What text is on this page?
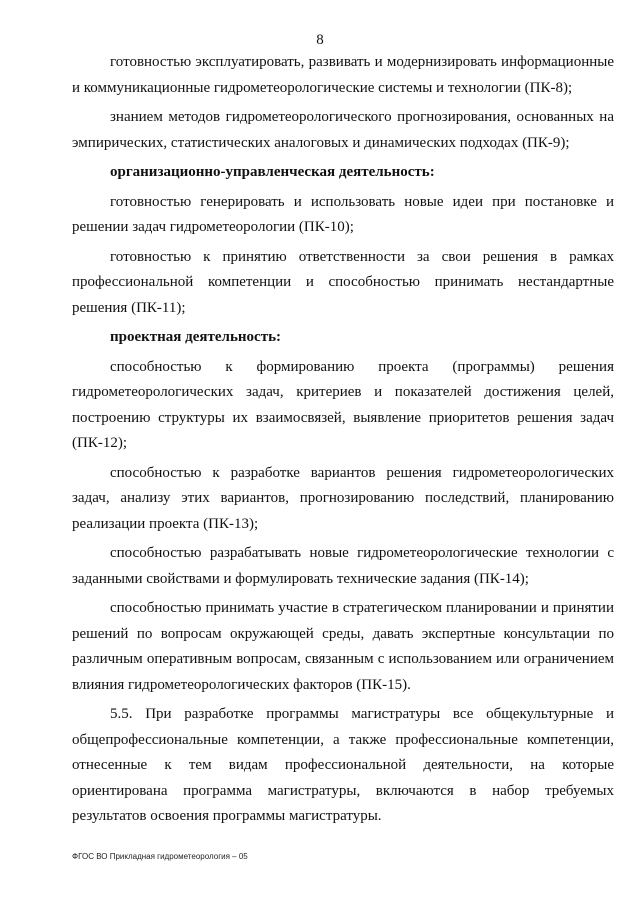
8

готовностью эксплуатировать, развивать и модернизировать информационные и коммуникационные гидрометеорологические системы и технологии (ПК-8);

знанием методов гидрометеорологического прогнозирования, основанных на эмпирических, статистических аналоговых и динамических подходах (ПК-9);

организационно-управленческая деятельность:

готовностью генерировать и использовать новые идеи при постановке и решении задач гидрометеорологии (ПК-10);

готовностью к принятию ответственности за свои решения в рамках профессиональной компетенции и способностью принимать нестандартные решения (ПК-11);

проектная деятельность:

способностью к формированию проекта (программы) решения гидрометеорологических задач, критериев и показателей достижения целей, построению структуры их взаимосвязей, выявление приоритетов решения задач (ПК-12);

способностью к разработке вариантов решения гидрометеорологических задач, анализу этих вариантов, прогнозированию последствий, планированию реализации проекта (ПК-13);

способностью разрабатывать новые гидрометеорологические технологии с заданными свойствами и формулировать технические задания (ПК-14);

способностью принимать участие в стратегическом планировании и принятии решений по вопросам окружающей среды, давать экспертные консультации по различным оперативным вопросам, связанным с использованием или ограничением влияния гидрометеорологических факторов (ПК-15).

5.5. При разработке программы магистратуры все общекультурные и общепрофессиональные компетенции, а также профессиональные компетенции, отнесенные к тем видам профессиональной деятельности, на которые ориентирована программа магистратуры, включаются в набор требуемых результатов освоения программы магистратуры.

ФГОС ВО Прикладная гидрометеорология – 05
